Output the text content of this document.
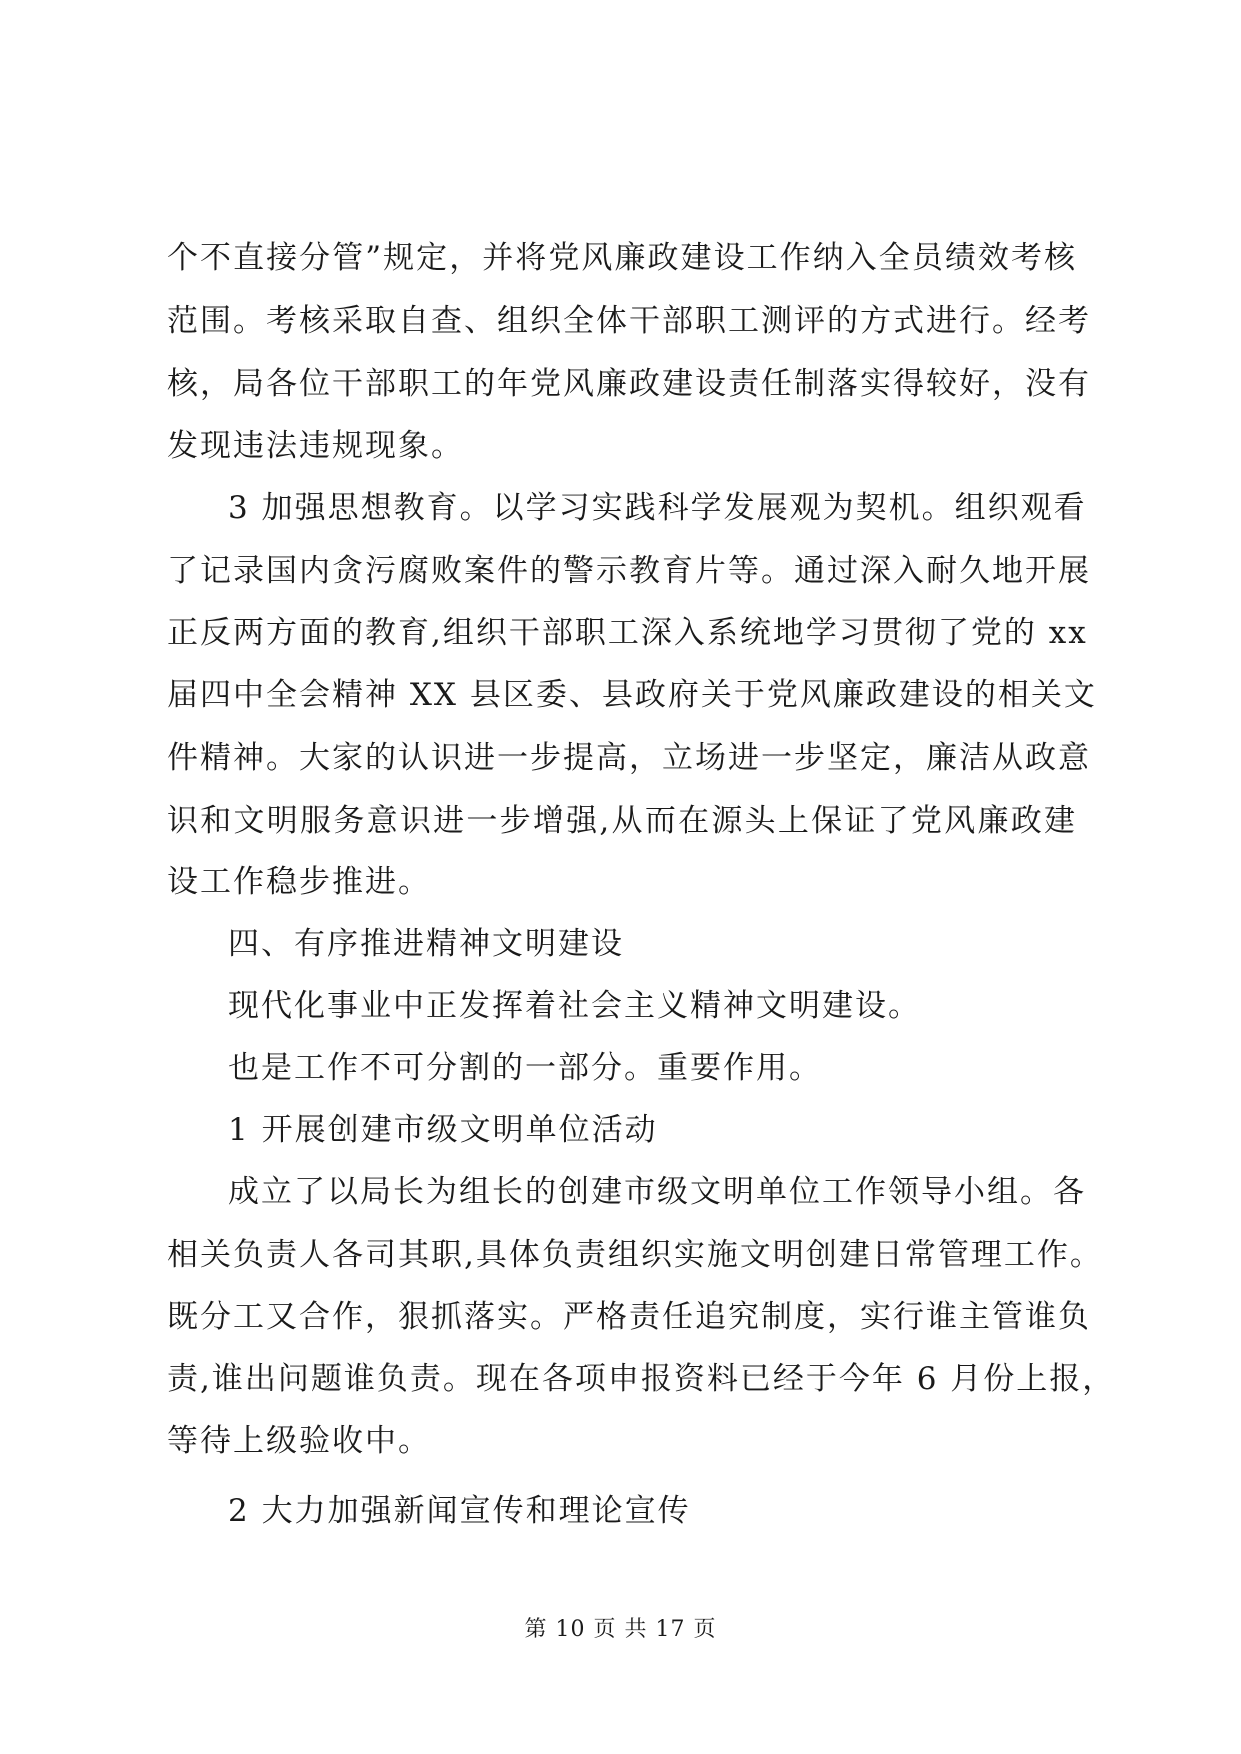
个不直接分管”规定，并将党风廉政建设工作纳入全员绩效考核
范围。考核采取自查、组织全体干部职工测评的方式进行。经考
核，局各位干部职工的年党风廉政建设责任制落实得较好，没有
发现违法违规现象。
3 加强思想教育。以学习实践科学发展观为契机。组织观看
了记录国内贪污腐败案件的警示教育片等。通过深入耐久地开展
正反两方面的教育,组织干部职工深入系统地学习贯彻了党的 xx
届四中全会精神 XX 县区委、县政府关于党风廉政建设的相关文
件精神。大家的认识进一步提高，立场进一步坚定，廉洁从政意
识和文明服务意识进一步增强,从而在源头上保证了党风廉政建
设工作稳步推进。
四、有序推进精神文明建设
现代化事业中正发挥着社会主义精神文明建设。
也是工作不可分割的一部分。重要作用。
1 开展创建市级文明单位活动
成立了以局长为组长的创建市级文明单位工作领导小组。各
相关负责人各司其职,具体负责组织实施文明创建日常管理工作。
既分工又合作，狠抓落实。严格责任追究制度，实行谁主管谁负
责,谁出问题谁负责。现在各项申报资料已经于今年 6 月份上报，
等待上级验收中。
2 大力加强新闻宣传和理论宣传
第 10 页 共 17 页
